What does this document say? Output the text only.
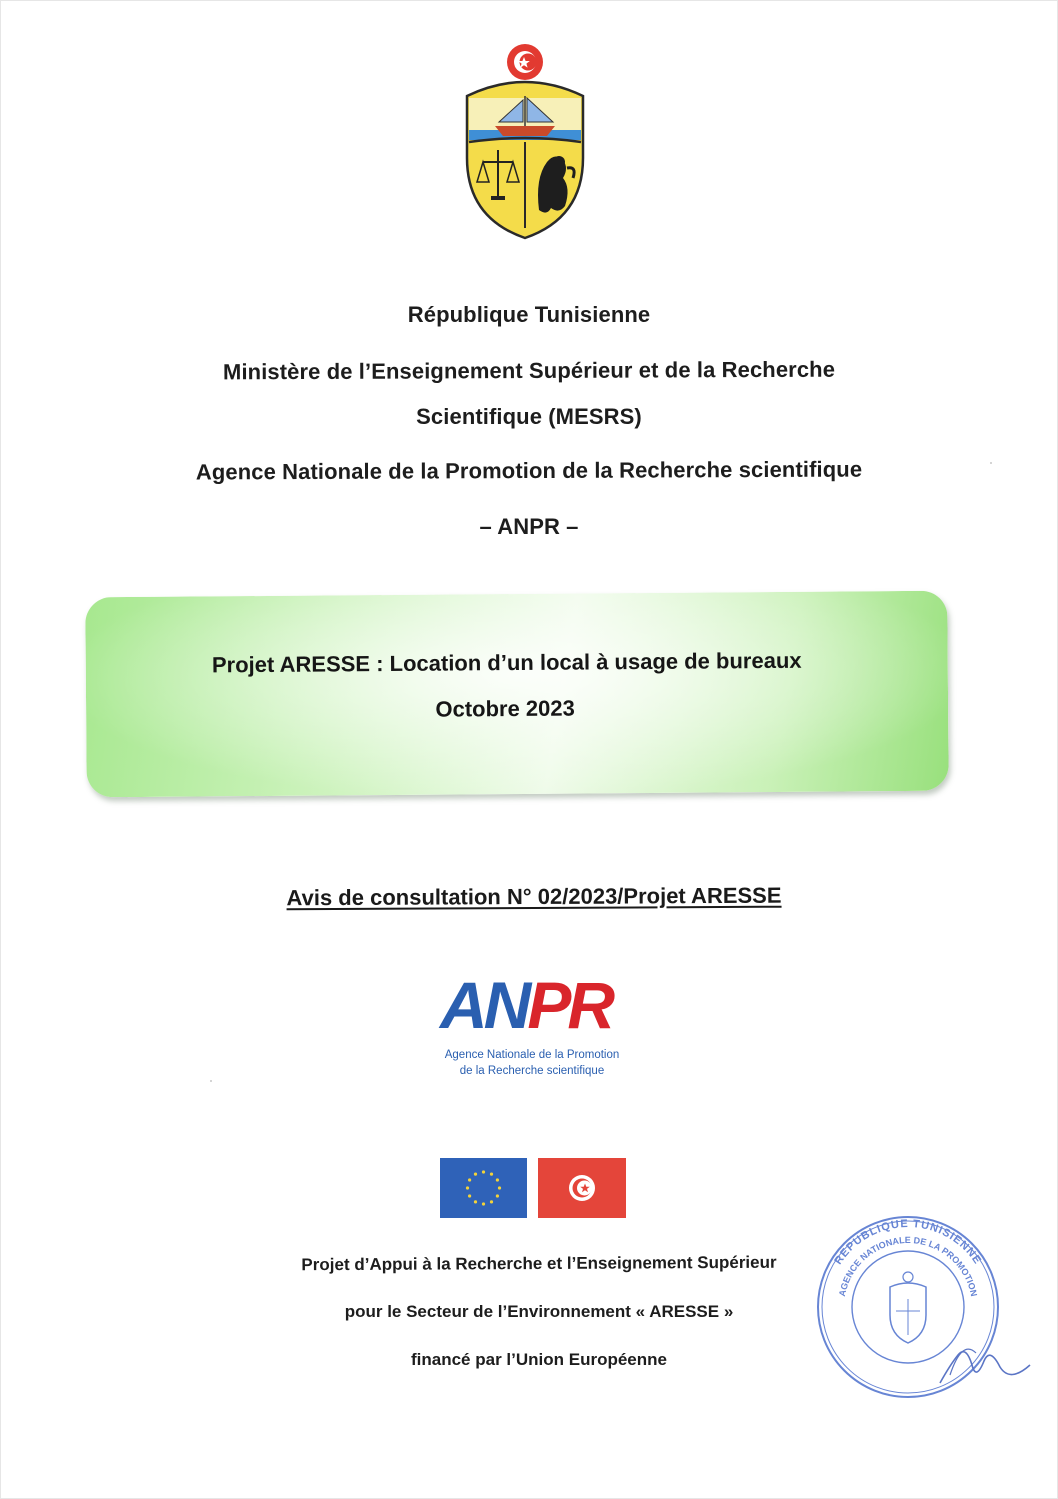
République Tunisienne
Ministère de l’Enseignement Supérieur et de la Recherche
Scientifique (MESRS)
Agence Nationale de la Promotion de la Recherche scientifique
– ANPR –
Projet ARESSE : Location d’un local à usage de bureaux
Octobre 2023
Avis de consultation N° 02/2023/Projet ARESSE
ANPR
Agence Nationale de la Promotion
de la Recherche scientifique
Projet d’Appui à la Recherche et l’Enseignement Supérieur
pour le Secteur de l’Environnement « ARESSE »
financé par l’Union Européenne
REPUBLIQUE TUNISIENNE
AGENCE NATIONALE DE LA PROMOTION
